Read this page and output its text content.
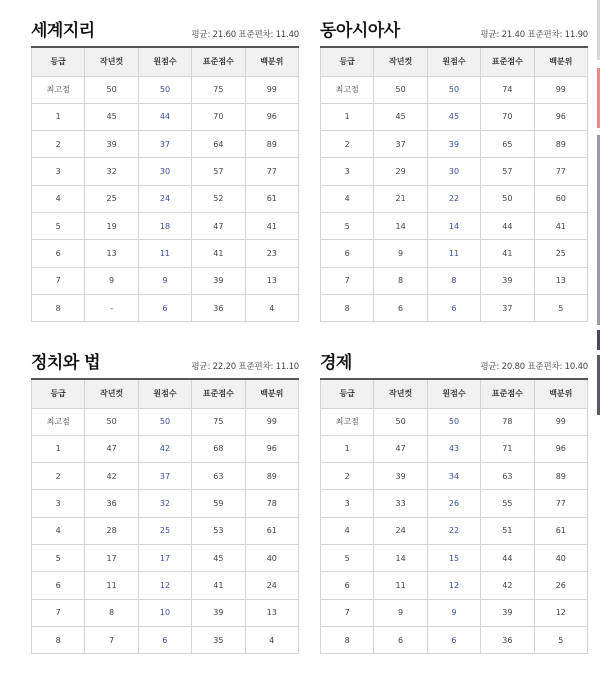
세계지리	평균: 21.60 표준편차: 11.40
등급	작년컷	원점수	표준점수	백분위
최고점	50	50	75	99
1	45	44	70	96
2	39	37	64	89
3	32	30	57	77
4	25	24	52	61
5	19	18	47	41
6	13	11	41	23
7	9	9	39	13
8	-	6	36	4
동아시아사	평균: 21.40 표준편차: 11.90
등급	작년컷	원점수	표준점수	백분위
최고점	50	50	74	99
1	45	45	70	96
2	37	39	65	89
3	29	30	57	77
4	21	22	50	60
5	14	14	44	41
6	9	11	41	25
7	8	8	39	13
8	6	6	37	5
정치와 법	평균: 22.20 표준편차: 11.10
등급	작년컷	원점수	표준점수	백분위
최고점	50	50	75	99
1	47	42	68	96
2	42	37	63	89
3	36	32	59	78
4	28	25	53	61
5	17	17	45	40
6	11	12	41	24
7	8	10	39	13
8	7	6	35	4
경제	평균: 20.80 표준편차: 10.40
등급	작년컷	원점수	표준점수	백분위
최고점	50	50	78	99
1	47	43	71	96
2	39	34	63	89
3	33	26	55	77
4	24	22	51	61
5	14	15	44	40
6	11	12	42	26
7	9	9	39	12
8	6	6	36	5
